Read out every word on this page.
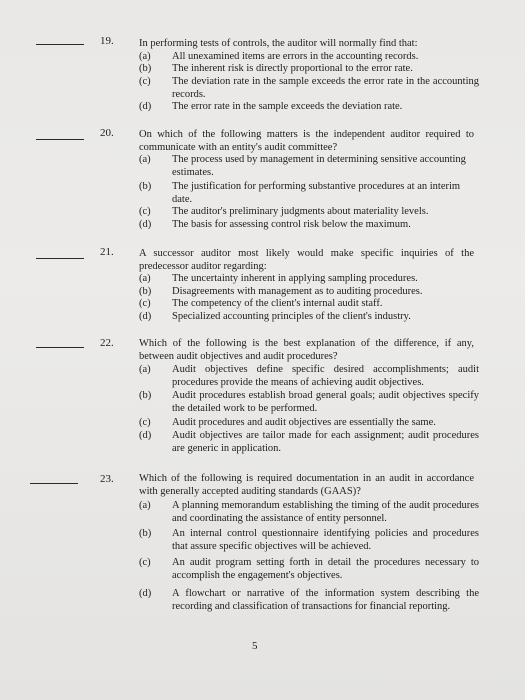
19. In performing tests of controls, the auditor will normally find that:
(a)	All unexamined items are errors in the accounting records.
(b)	The inherent risk is directly proportional to the error rate.
(c)	The deviation rate in the sample exceeds the error rate in the accounting records.
(d)	The error rate in the sample exceeds the deviation rate.
20. On which of the following matters is the independent auditor required to communicate with an entity's audit committee?
(a)	The process used by management in determining sensitive accounting estimates.
(b)	The justification for performing substantive procedures at an interim date.
(c)	The auditor's preliminary judgments about materiality levels.
(d)	The basis for assessing control risk below the maximum.
21. A successor auditor most likely would make specific inquiries of the predecessor auditor regarding:
(a)	The uncertainty inherent in applying sampling procedures.
(b)	Disagreements with management as to auditing procedures.
(c)	The competency of the client's internal audit staff.
(d)	Specialized accounting principles of the client's industry.
22. Which of the following is the best explanation of the difference, if any, between audit objectives and audit procedures?
(a)	Audit objectives define specific desired accomplishments; audit procedures provide the means of achieving audit objectives.
(b)	Audit procedures establish broad general goals; audit objectives specify the detailed work to be performed.
(c)	Audit procedures and audit objectives are essentially the same.
(d)	Audit objectives are tailor made for each assignment; audit procedures are generic in application.
23. Which of the following is required documentation in an audit in accordance with generally accepted auditing standards (GAAS)?
(a)	A planning memorandum establishing the timing of the audit procedures and coordinating the assistance of entity personnel.
(b)	An internal control questionnaire identifying policies and procedures that assure specific objectives will be achieved.
(c)	An audit program setting forth in detail the procedures necessary to accomplish the engagement's objectives.
(d)	A flowchart or narrative of the information system describing the recording and classification of transactions for financial reporting.
5
